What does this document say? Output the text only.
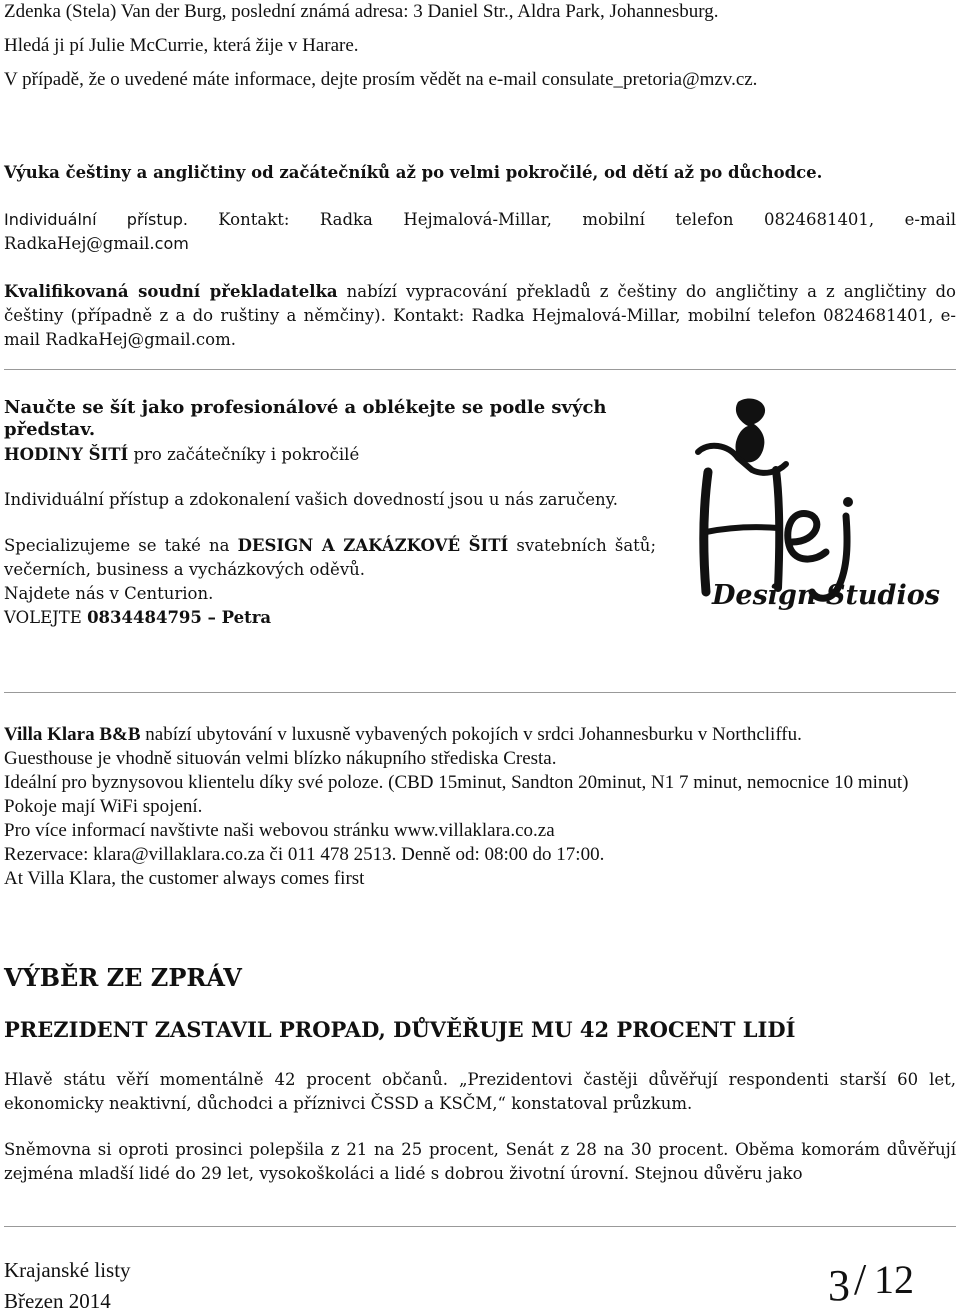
Zdenka (Stela) Van der Burg, poslední známá adresa: 3 Daniel Str., Aldra Park, Johannesburg.
Hledá ji pí Julie McCurrie, která žije v Harare.
V případě, že o uvedené máte informace, dejte prosím vědět na e-mail consulate_pretoria@mzv.cz.
Výuka češtiny a angličtiny od začátečníků až po velmi pokročilé, od dětí až po důchodce.
Individuální přístup. Kontakt: Radka Hejmalová-Millar, mobilní telefon 0824681401, e-mail
RadkaHej@gmail.com
Kvalifikovaná soudní překladatelka nabízí vypracování překladů z češtiny do angličtiny a z angličtiny do češtiny (případně z a do ruštiny a němčiny). Kontakt: Radka Hejmalová-Millar, mobilní telefon 0824681401, e-mail RadkaHej@gmail.com.
Naučte se šít jako profesionálové a oblékejte se podle svých představ.
HODINY ŠITÍ pro začátečníky i pokročilé
Individuální přístup a zdokonalení vašich dovedností jsou u nás zaručeny.
Specializujeme se také na DESIGN A ZAKÁZKOVÉ ŠITÍ svatebních šatů; večerních, business a vycházkových oděvů.
Najdete nás v Centurion.
VOLEJTE 0834484795 – Petra
Design Studios
Villa Klara B&B nabízí ubytování v luxusně vybavených pokojích v srdci Johannesburku v Northcliffu.
Guesthouse je vhodně situován velmi blízko nákupního střediska Cresta.
Ideální pro byznysovou klientelu díky své poloze. (CBD 15minut, Sandton 20minut, N1 7 minut, nemocnice 10 minut)
Pokoje mají WiFi spojení.
Pro více informací navštivte naši webovou stránku www.villaklara.co.za
Rezervace: klara@villaklara.co.za či 011 478 2513. Denně od: 08:00 do 17:00.
At Villa Klara, the customer always comes first
VÝBĚR ZE ZPRÁV
PREZIDENT ZASTAVIL PROPAD, DŮVĚŘUJE MU 42 PROCENT LIDÍ
Hlavě státu věří momentálně 42 procent občanů. „Prezidentovi častěji důvěřují respondenti starší 60 let, ekonomicky neaktivní, důchodci a příznivci ČSSD a KSČM,“ konstatoval průzkum.
Sněmovna si oproti prosinci polepšila z 21 na 25 procent, Senát z 28 na 30 procent. Oběma komorám důvěřují zejména mladší lidé do 29 let, vysokoškoláci a lidé s dobrou životní úrovní. Stejnou důvěru jako
Krajanské listy
Březen 2014	3 / 12
